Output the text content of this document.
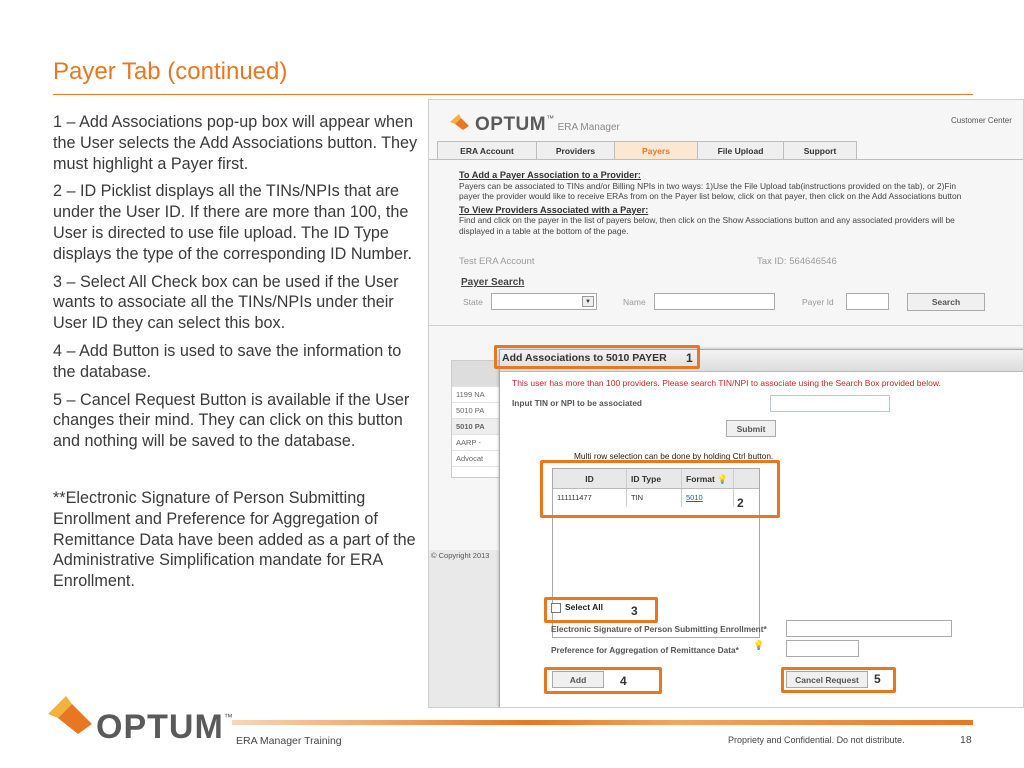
Payer Tab (continued)

1 – Add Associations pop-up box will appear when the User selects the Add Associations button. They must highlight a Payer first.

2 – ID Picklist displays all the TINs/NPIs that are under the User ID. If there are more than 100, the User is directed to use file upload. The ID Type displays the type of the corresponding ID Number.

3 – Select All Check box can be used if the User wants to associate all the TINs/NPIs under their User ID they can select this box.

4 – Add Button is used to save the information to the database.

5 – Cancel Request Button is available if the User changes their mind. They can click on this button and nothing will be saved to the database.

**Electronic Signature of Person Submitting Enrollment and Preference for Aggregation of Remittance Data have been added as a part of the Administrative Simplification mandate for ERA Enrollment.

OPTUM™ERA Manager
Customer Center
ERA Account	Providers	Payers	File Upload	Support
To Add a Payer Association to a Provider:
Payers can be associated to TINs and/or Billing NPIs in two ways: 1)Use the File Upload tab(instructions provided on the tab), or 2)Fin
payer the provider would like to receive ERAs from on the Payer list below, click on that payer, then click on the Add Associations button
To View Providers Associated with a Payer:
Find and click on the payer in the list of payers below, then click on the Show Associations button and any associated providers will be
displayed in a table at the bottom of the page.
Test ERA Account	Tax ID: 564646546
Payer Search
State	▼	Name	Payer Id	Search
1199 NA
5010 PA
5010 PA
AARP -
Advocat
© Copyright 2013
Add Associations to 5010 PAYER
This user has more than 100 providers. Please search TIN/NPI to associate using the Search Box provided below.
Input TIN or NPI to be associated
Submit
Multi row selection can be done by holding Ctrl button.
ID	ID Type	Format 💡
111111477	TIN	5010
Select All
Electronic Signature of Person Submitting Enrollment*
Preference for Aggregation of Remittance Data* 💡
Add	Cancel Request
1
2
3
4	5
OPTUM™
ERA Manager Training	Propriety and Confidential. Do not distribute.	18
